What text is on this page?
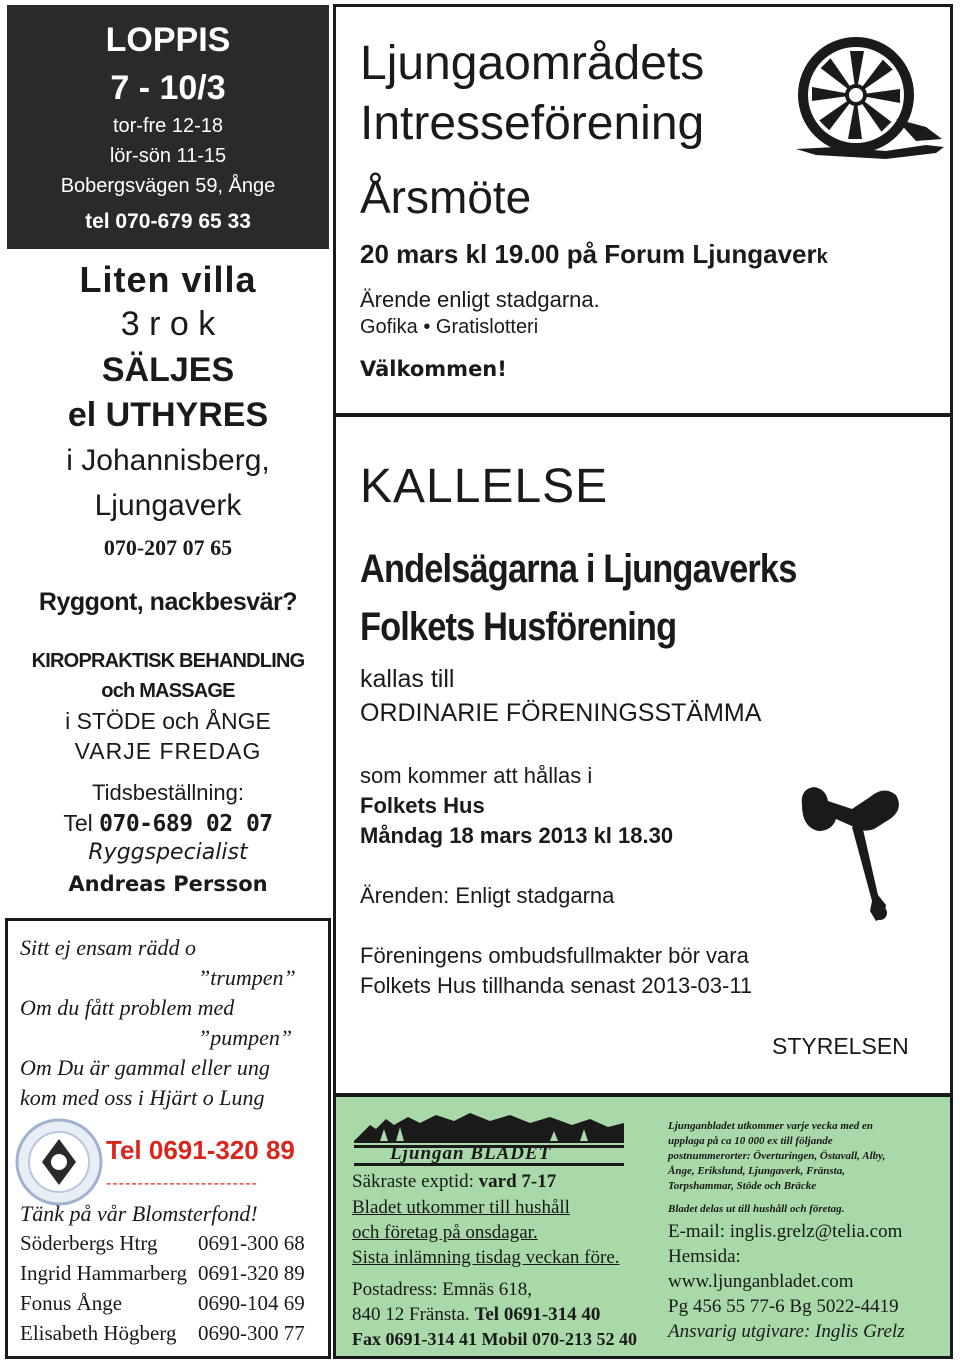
LOPPIS
7 - 10/3
tor-fre 12-18
lör-sön 11-15
Bobergsvägen 59, Ånge
tel 070-679 65 33
Liten villa
3 r o k
SÄLJES
el UTHYRES
i Johannisberg,
Ljungaverk
070-207 07 65
Ryggont, nackbesvär?
KIROPRAKTISK BEHANDLING
och MASSAGE
i STÖDE och ÅNGE
VARJE FREDAG
Tidsbeställning:
Tel 070-689 02 07
Ryggspecialist
Andreas Persson
Sitt ej ensam rädd o
”trumpen”
Om du fått problem med
”pumpen”
Om Du är gammal eller ung
kom med oss i Hjärt o Lung
Tel 0691-320 89
------------------------
Tänk på vår Blomsterfond!
Söderbergs Htrg 0691-300 68
Ingrid Hammarberg 0691-320 89
Fonus Ånge	0690-104 69
Elisabeth Högberg 0690-300 77
Ljungaområdets
Intresseförening
Årsmöte
20 mars kl 19.00 på Forum Ljungaverk
Ärende enligt stadgarna.
Gofika • Gratislotteri
Välkommen!
KALLELSE
Andelsägarna i Ljungaverks
Folkets Husförening
kallas till
ORDINARIE FÖRENINGSSTÄMMA
som kommer att hållas i
Folkets Hus
Måndag 18 mars 2013 kl 18.30
Ärenden: Enligt stadgarna
Föreningens ombudsfullmakter bör vara
Folkets Hus tillhanda senast 2013-03-11
STYRELSEN
Ljungan BLADET
Säkraste exptid: vard 7-17
Bladet utkommer till hushåll
och företag på onsdagar.
Sista inlämning tisdag veckan före.
Postadress: Emnäs 618,
840 12 Fränsta. Tel 0691-314 40
Fax 0691-314 41 Mobil 070-213 52 40
Ljunganbladet utkommer varje vecka med en
upplaga på ca 10 000 ex till följande
postnummerorter: Överturingen, Östavall, Alby,
Ånge, Erikslund, Ljungaverk, Fränsta,
Torpshammar, Stöde och Bräcke
Bladet delas ut till hushåll och företag.
E-mail: inglis.grelz@telia.com
Hemsida:
www.ljunganbladet.com
Pg 456 55 77-6 Bg 5022-4419
Ansvarig utgivare: Inglis Grelz
